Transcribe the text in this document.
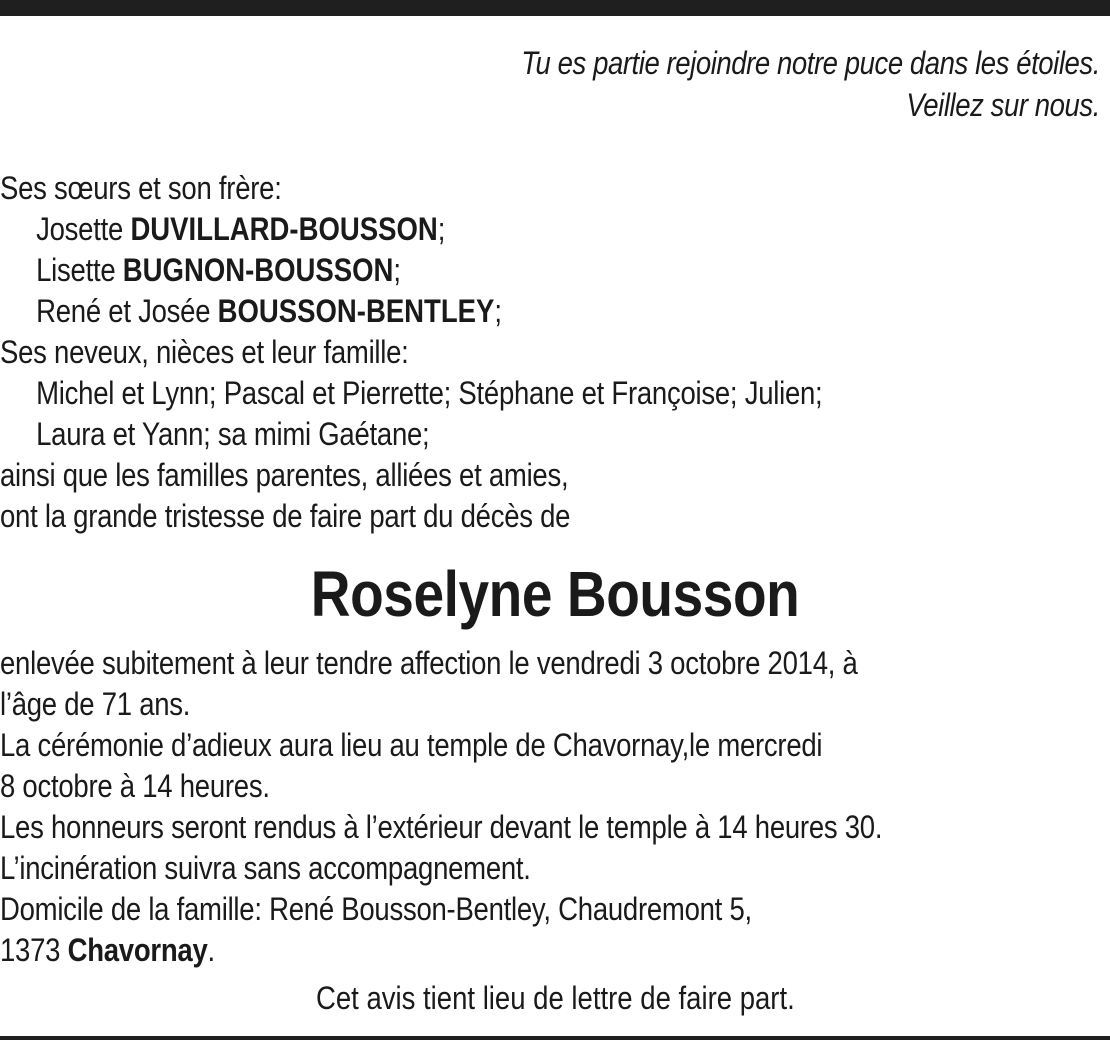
Tu es partie rejoindre notre puce dans les étoiles.
Veillez sur nous.
Ses sœurs et son frère:
Josette DUVILLARD-BOUSSON;
Lisette BUGNON-BOUSSON;
René et Josée BOUSSON-BENTLEY;
Ses neveux, nièces et leur famille:
Michel et Lynn; Pascal et Pierrette; Stéphane et Françoise; Julien;
Laura et Yann; sa mimi Gaétane;
ainsi que les familles parentes, alliées et amies,
ont la grande tristesse de faire part du décès de
Roselyne Bousson
enlevée subitement à leur tendre affection le vendredi 3 octobre 2014, à
l’âge de 71 ans.
La cérémonie d’adieux aura lieu au temple de Chavornay,le mercredi
8 octobre à 14 heures.
Les honneurs seront rendus à l’extérieur devant le temple à 14 heures 30.
L’incinération suivra sans accompagnement.
Domicile de la famille: René Bousson-Bentley, Chaudremont 5,
1373 Chavornay.
Cet avis tient lieu de lettre de faire part.
